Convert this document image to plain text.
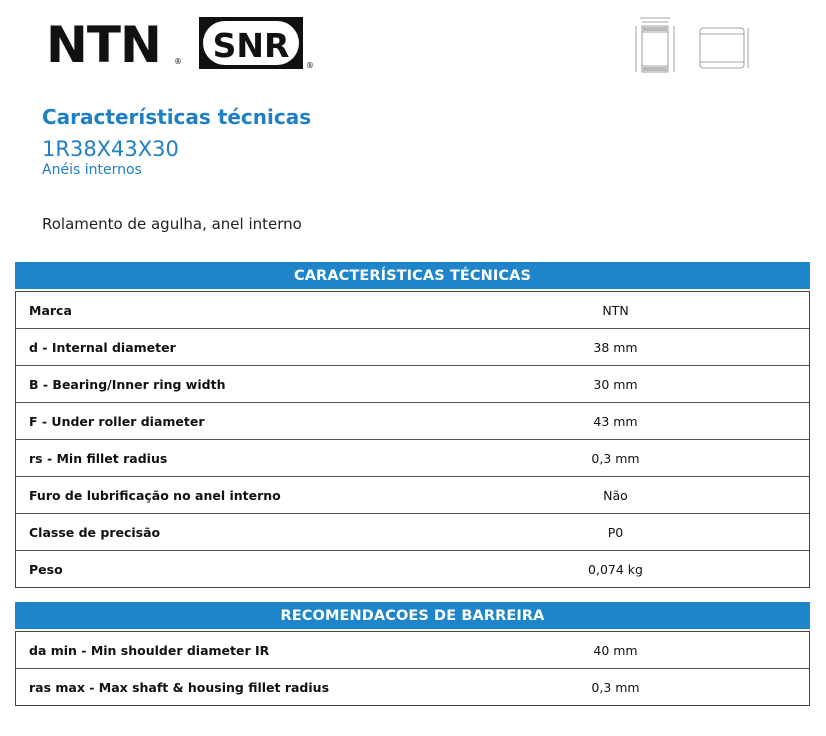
NTN ® SNR
®
Características técnicas
1R38X43X30
Anéis internos
Rolamento de agulha, anel interno
CARACTERÍSTICAS TÉCNICAS
Marca	NTN
d - Internal diameter	38 mm
B - Bearing/Inner ring width	30 mm
F - Under roller diameter	43 mm
rs - Min fillet radius	0,3 mm
Furo de lubrificação no anel interno	Não
Classe de precisão	P0
Peso	0,074 kg
RECOMENDACOES DE BARREIRA
da min - Min shoulder diameter IR	40 mm
ras max - Max shaft & housing fillet radius	0,3 mm
